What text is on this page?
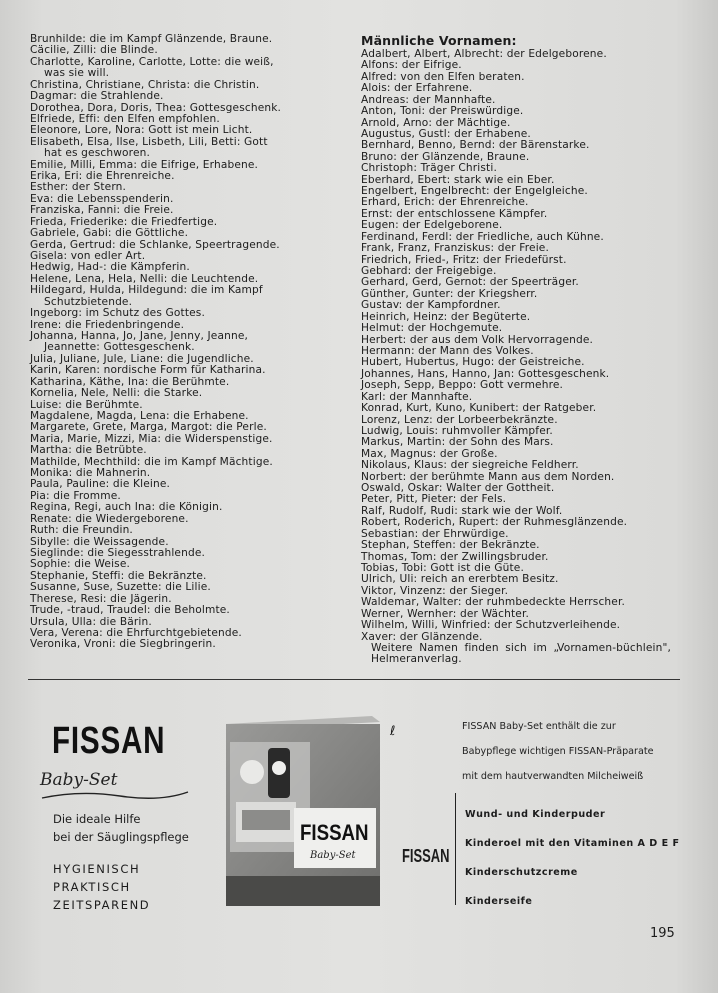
Brunhilde: die im Kampf Glänzende, Braune.
Cäcilie, Zilli: die Blinde.
Charlotte, Karoline, Carlotte, Lotte: die weiß,
was sie will.
Christina, Christiane, Christa: die Christin.
Dagmar: die Strahlende.
Dorothea, Dora, Doris, Thea: Gottesgeschenk.
Elfriede, Effi: den Elfen empfohlen.
Eleonore, Lore, Nora: Gott ist mein Licht.
Elisabeth, Elsa, Ilse, Lisbeth, Lili, Betti: Gott
hat es geschworen.
Emilie, Milli, Emma: die Eifrige, Erhabene.
Erika, Eri: die Ehrenreiche.
Esther: der Stern.
Eva: die Lebensspenderin.
Franziska, Fanni: die Freie.
Frieda, Friederike: die Friedfertige.
Gabriele, Gabi: die Göttliche.
Gerda, Gertrud: die Schlanke, Speertragende.
Gisela: von edler Art.
Hedwig, Had-: die Kämpferin.
Helene, Lena, Hela, Nelli: die Leuchtende.
Hildegard, Hulda, Hildegund: die im Kampf
Schutzbietende.
Ingeborg: im Schutz des Gottes.
Irene: die Friedenbringende.
Johanna, Hanna, Jo, Jane, Jenny, Jeanne,
Jeannette: Gottesgeschenk.
Julia, Juliane, Jule, Liane: die Jugendliche.
Karin, Karen: nordische Form für Katharina.
Katharina, Käthe, Ina: die Berühmte.
Kornelia, Nele, Nelli: die Starke.
Luise: die Berühmte.
Magdalene, Magda, Lena: die Erhabene.
Margarete, Grete, Marga, Margot: die Perle.
Maria, Marie, Mizzi, Mia: die Widerspenstige.
Martha: die Betrübte.
Mathilde, Mechthild: die im Kampf Mächtige.
Monika: die Mahnerin.
Paula, Pauline: die Kleine.
Pia: die Fromme.
Regina, Regi, auch Ina: die Königin.
Renate: die Wiedergeborene.
Ruth: die Freundin.
Sibylle: die Weissagende.
Sieglinde: die Siegesstrahlende.
Sophie: die Weise.
Stephanie, Steffi: die Bekränzte.
Susanne, Suse, Suzette: die Lilie.
Therese, Resi: die Jägerin.
Trude, -traud, Traudel: die Beholmte.
Ursula, Ulla: die Bärin.
Vera, Verena: die Ehrfurchtgebietende.
Veronika, Vroni: die Siegbringerin.
Männliche Vornamen:
Adalbert, Albert, Albrecht: der Edelgeborene.
Alfons: der Eifrige.
Alfred: von den Elfen beraten.
Alois: der Erfahrene.
Andreas: der Mannhafte.
Anton, Toni: der Preiswürdige.
Arnold, Arno: der Mächtige.
Augustus, Gustl: der Erhabene.
Bernhard, Benno, Bernd: der Bärenstarke.
Bruno: der Glänzende, Braune.
Christoph: Träger Christi.
Eberhard, Ebert: stark wie ein Eber.
Engelbert, Engelbrecht: der Engelgleiche.
Erhard, Erich: der Ehrenreiche.
Ernst: der entschlossene Kämpfer.
Eugen: der Edelgeborene.
Ferdinand, Ferdl: der Friedliche, auch Kühne.
Frank, Franz, Franziskus: der Freie.
Friedrich, Fried-, Fritz: der Friedefürst.
Gebhard: der Freigebige.
Gerhard, Gerd, Gernot: der Speerträger.
Günther, Gunter: der Kriegsherr.
Gustav: der Kampfordner.
Heinrich, Heinz: der Begüterte.
Helmut: der Hochgemute.
Herbert: der aus dem Volk Hervorragende.
Hermann: der Mann des Volkes.
Hubert, Hubertus, Hugo: der Geistreiche.
Johannes, Hans, Hanno, Jan: Gottesgeschenk.
Joseph, Sepp, Beppo: Gott vermehre.
Karl: der Mannhafte.
Konrad, Kurt, Kuno, Kunibert: der Ratgeber.
Lorenz, Lenz: der Lorbeerbekränzte.
Ludwig, Louis: ruhmvoller Kämpfer.
Markus, Martin: der Sohn des Mars.
Max, Magnus: der Große.
Nikolaus, Klaus: der siegreiche Feldherr.
Norbert: der berühmte Mann aus dem Norden.
Oswald, Oskar: Walter der Gottheit.
Peter, Pitt, Pieter: der Fels.
Ralf, Rudolf, Rudi: stark wie der Wolf.
Robert, Roderich, Rupert: der Ruhmesglänzende.
Sebastian: der Ehrwürdige.
Stephan, Steffen: der Bekränzte.
Thomas, Tom: der Zwillingsbruder.
Tobias, Tobi: Gott ist die Güte.
Ulrich, Uli: reich an ererbtem Besitz.
Viktor, Vinzenz: der Sieger.
Waldemar, Walter: der ruhmbedeckte Herrscher.
Werner, Wernher: der Wächter.
Wilhelm, Willi, Winfried: der Schutzverleihende.
Xaver: der Glänzende.
Weitere Namen finden sich im „Vornamen-büchlein", Helmeranverlag.
FISSAN
Baby-Set
Die ideale Hilfe
bei der Säuglingspflege
HYGIENISCH
PRAKTISCH
ZEITSPAREND
FISSAN
Baby-Set
ℓ	FISSAN Baby-Set enthält die zur
Babypflege wichtigen FISSAN-Präparate
mit dem hautverwandten Milcheiweiß
FISSAN
Wund- und Kinderpuder
Kinderoel mit den Vitaminen A D E F
Kinderschutzcreme
Kinderseife
195
